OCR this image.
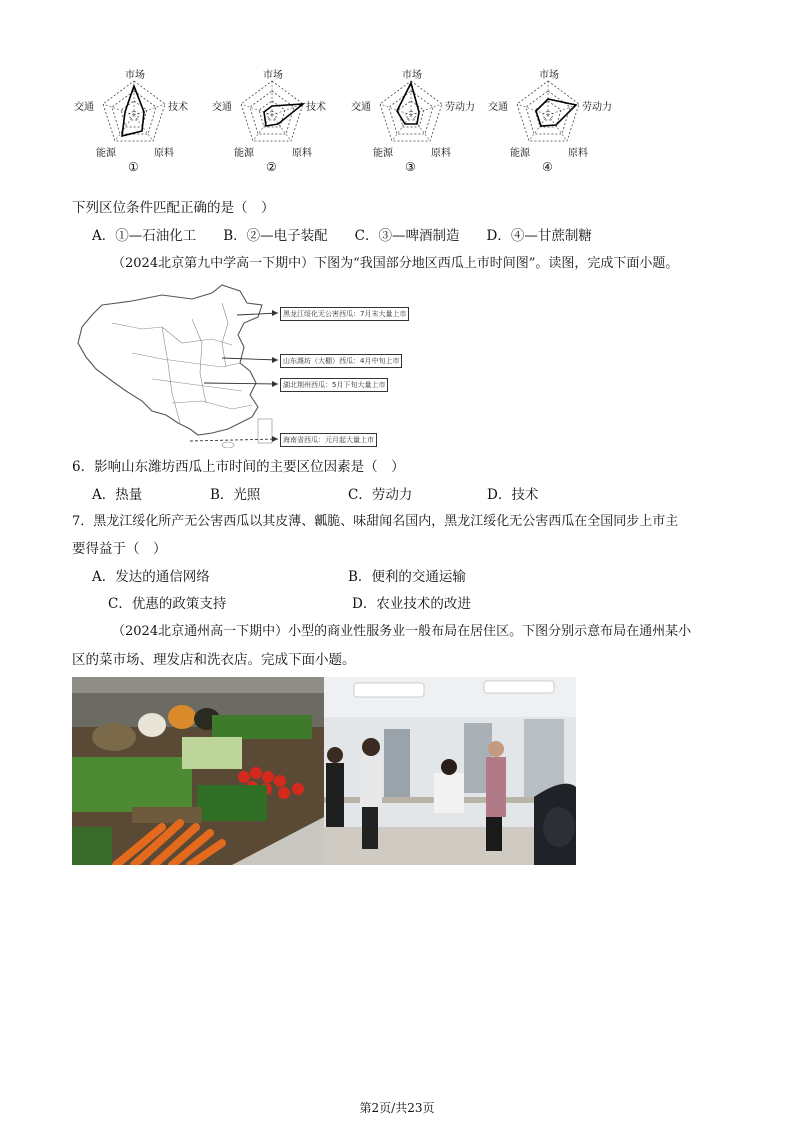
市场
交通	技术
能源	原料
①
市场
交通	技术
能源	原料
②
市场
交通	劳动力
能源	原料
③
市场
交通	劳动力
能源	原料
④
下列区位条件匹配正确的是（　）
A．①—石油化工　　B．②—电子装配　　C．③—啤酒制造　　D．④—甘蔗制糖
（2024北京第九中学高一下期中）下图为“我国部分地区西瓜上市时间图”。读图，完成下面小题。
黑龙江绥化无公害西瓜：7月末大量上市
山东潍坊（大棚）西瓜：4月中旬上市
湖北荆州西瓜：5月下旬大量上市
海南省西瓜：元月起大量上市
6．影响山东潍坊西瓜上市时间的主要区位因素是（　）
A．热量	B．光照	C．劳动力	D．技术
7．黑龙江绥化所产无公害西瓜以其皮薄、瓤脆、味甜闻名国内，黑龙江绥化无公害西瓜在全国同步上市主
要得益于（　）
A．发达的通信网络	B．便利的交通运输
C．优惠的政策支持	D．农业技术的改进
（2024北京通州高一下期中）小型的商业性服务业一般布局在居住区。下图分别示意布局在通州某小
区的菜市场、理发店和洗衣店。完成下面小题。
第2页/共23页
